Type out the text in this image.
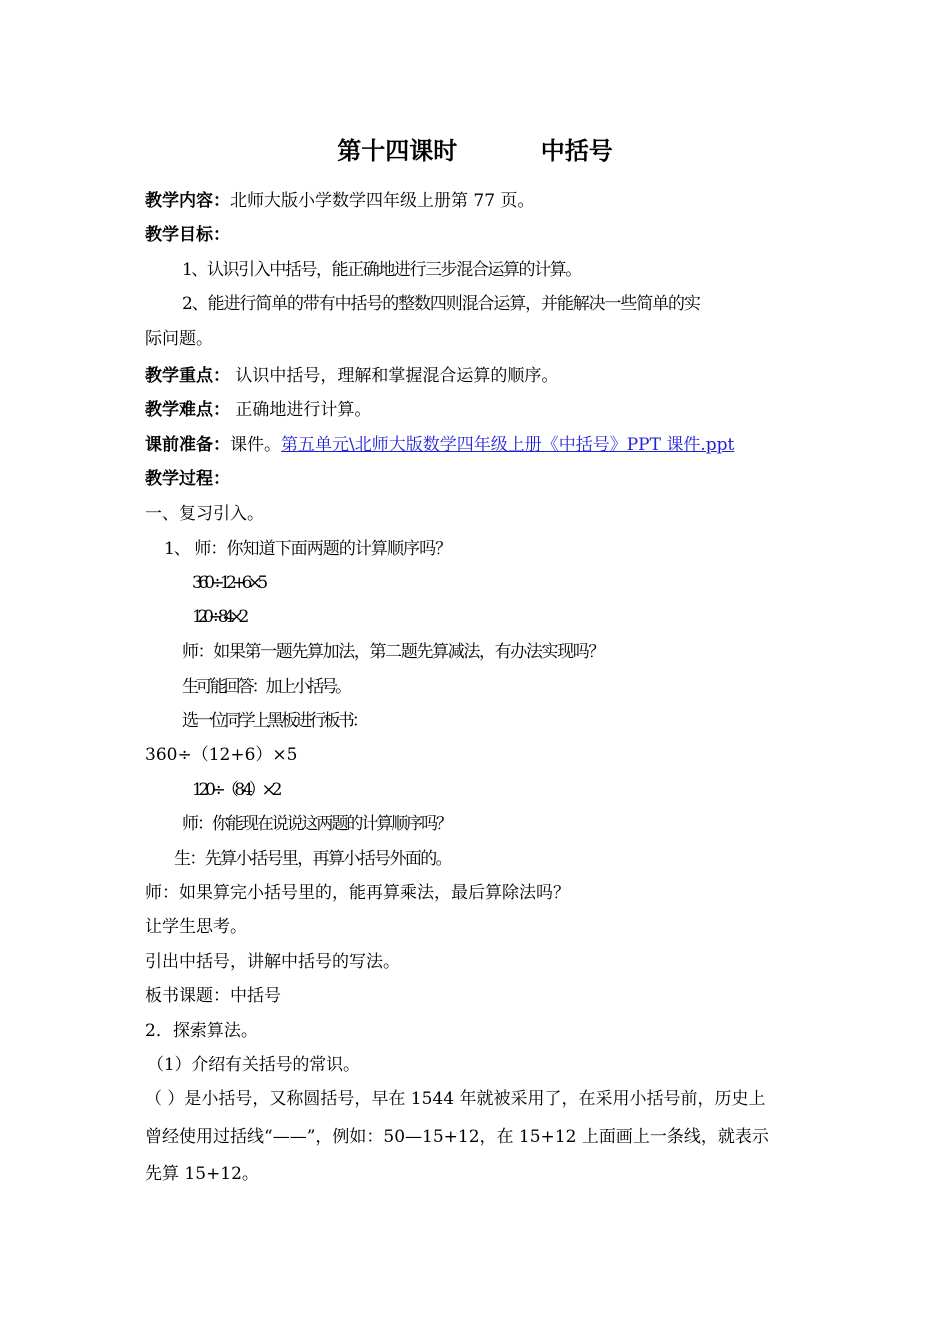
第十四课时          中括号
教学内容：北师大版小学数学四年级上册第 77 页。
教学目标：
1、认识引入中括号，能正确地进行三步混合运算的计算。
2、能进行简单的带有中括号的整数四则混合运算，并能解决一些简单的实
际问题。
教学重点： 认识中括号，理解和掌握混合运算的顺序。
教学难点： 正确地进行计算。
课前准备：课件。第五单元\北师大版数学四年级上册《中括号》PPT 课件.ppt
教学过程：
一、复习引入。
1、 师：你知道下面两题的计算顺序吗？
360÷12+6×5
120÷8-4×2
师：如果第一题先算加法，第二题先算减法，有办法实现吗？
生可能回答：加上小括号。
选一位同学上黑板进行板书：
360÷（12+6）×5
120÷（8-4）×2
师：你能现在说说这两题的计算顺序吗？
生：先算小括号里，再算小括号外面的。
师：如果算完小括号里的，能再算乘法，最后算除法吗？
让学生思考。
引出中括号，讲解中括号的写法。
板书课题：中括号
2．探索算法。
（1）介绍有关括号的常识。
（ ）是小括号，又称圆括号，早在 1544 年就被采用了，在采用小括号前，历史上
曾经使用过括线“——”，例如：50—15+12，在 15+12 上面画上一条线，就表示
先算 15+12。
